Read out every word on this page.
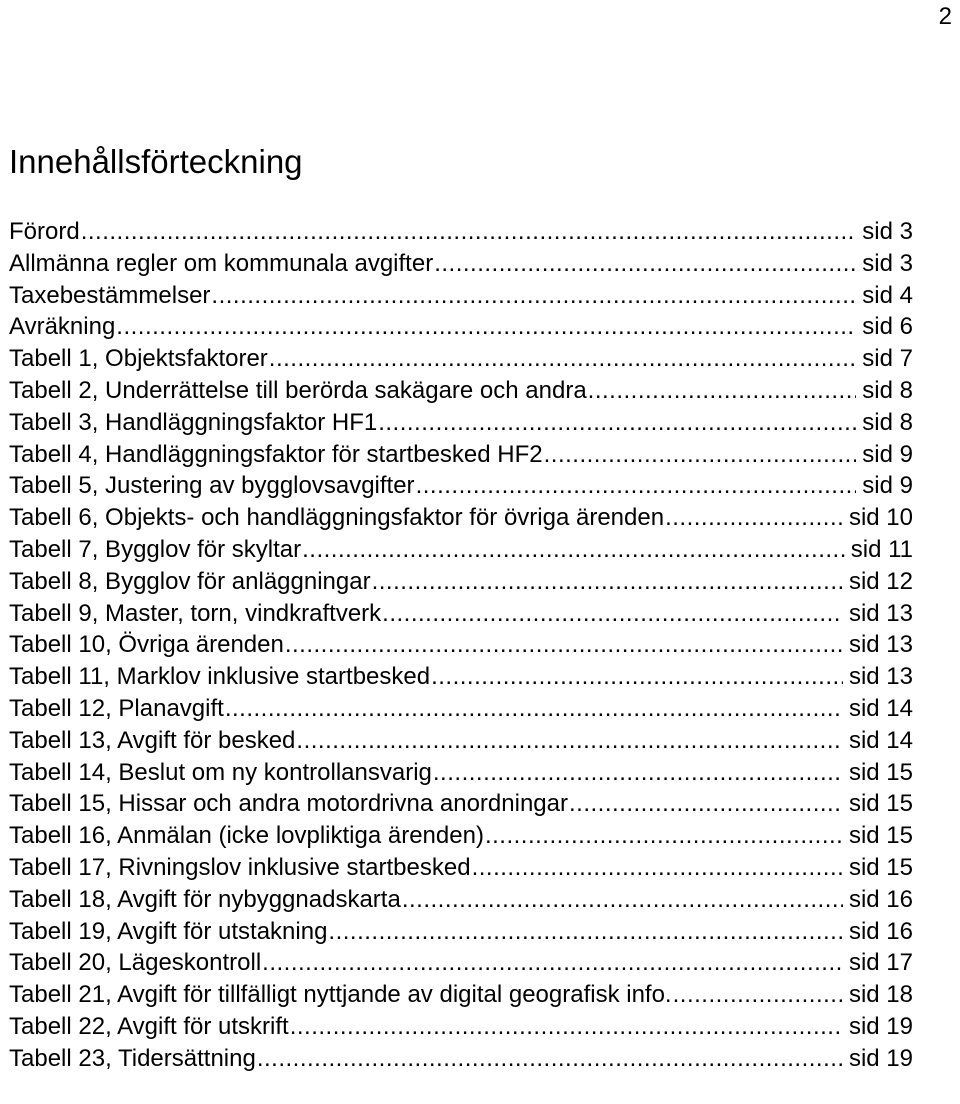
2
Innehållsförteckning
Förord .....	sid 3
Allmänna regler om kommunala avgifter .....	sid 3
Taxebestämmelser .....	sid 4
Avräkning .....	sid 6
Tabell 1, Objektsfaktorer .....	sid 7
Tabell 2, Underrättelse till berörda sakägare och andra .....	sid 8
Tabell 3, Handläggningsfaktor HF1 .....	sid 8
Tabell 4, Handläggningsfaktor för startbesked HF2 .....	sid 9
Tabell 5, Justering av bygglovsavgifter .....	sid 9
Tabell 6, Objekts- och handläggningsfaktor för övriga ärenden .....	sid 10
Tabell 7, Bygglov för skyltar .....	sid 11
Tabell 8, Bygglov för anläggningar .....	sid 12
Tabell 9, Master, torn, vindkraftverk .....	sid 13
Tabell 10, Övriga ärenden .....	sid 13
Tabell 11, Marklov inklusive startbesked .....	sid 13
Tabell 12, Planavgift .....	sid 14
Tabell 13, Avgift för besked .....	sid 14
Tabell 14, Beslut om ny kontrollansvarig .....	sid 15
Tabell 15, Hissar och andra motordrivna anordningar .....	sid 15
Tabell 16, Anmälan (icke lovpliktiga ärenden) .....	sid 15
Tabell 17, Rivningslov inklusive startbesked .....	sid 15
Tabell 18, Avgift för nybyggnadskarta .....	sid 16
Tabell 19, Avgift för utstakning .....	sid 16
Tabell 20, Lägeskontroll .....	sid 17
Tabell 21, Avgift för tillfälligt nyttjande av digital geografisk info. .....	sid 18
Tabell 22, Avgift för utskrift .....	sid 19
Tabell 23, Tidersättning .....	sid 19
